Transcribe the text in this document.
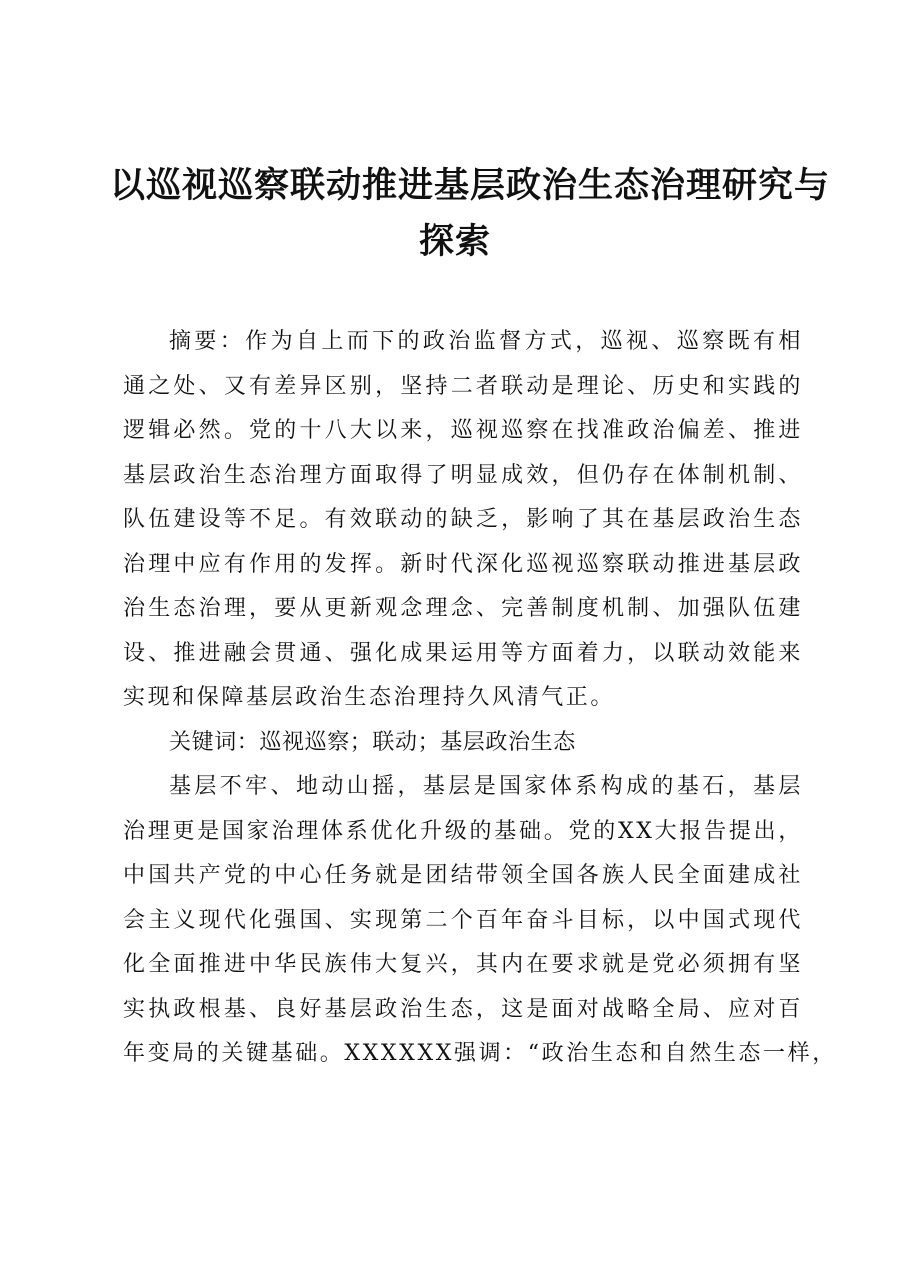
以巡视巡察联动推进基层政治生态治理研究与
探索
摘要：作为自上而下的政治监督方式，巡视、巡察既有相
通之处、又有差异区别，坚持二者联动是理论、历史和实践的
逻辑必然。党的十八大以来，巡视巡察在找准政治偏差、推进
基层政治生态治理方面取得了明显成效，但仍存在体制机制、
队伍建设等不足。有效联动的缺乏，影响了其在基层政治生态
治理中应有作用的发挥。新时代深化巡视巡察联动推进基层政
治生态治理，要从更新观念理念、完善制度机制、加强队伍建
设、推进融会贯通、强化成果运用等方面着力，以联动效能来
实现和保障基层政治生态治理持久风清气正。
关键词：巡视巡察；联动；基层政治生态
基层不牢、地动山摇，基层是国家体系构成的基石，基层
治理更是国家治理体系优化升级的基础。党的XX大报告提出，
中国共产党的中心任务就是团结带领全国各族人民全面建成社
会主义现代化强国、实现第二个百年奋斗目标，以中国式现代
化全面推进中华民族伟大复兴，其内在要求就是党必须拥有坚
实执政根基、良好基层政治生态，这是面对战略全局、应对百
年变局的关键基础。XXXXXX强调：“政治生态和自然生态一样，
